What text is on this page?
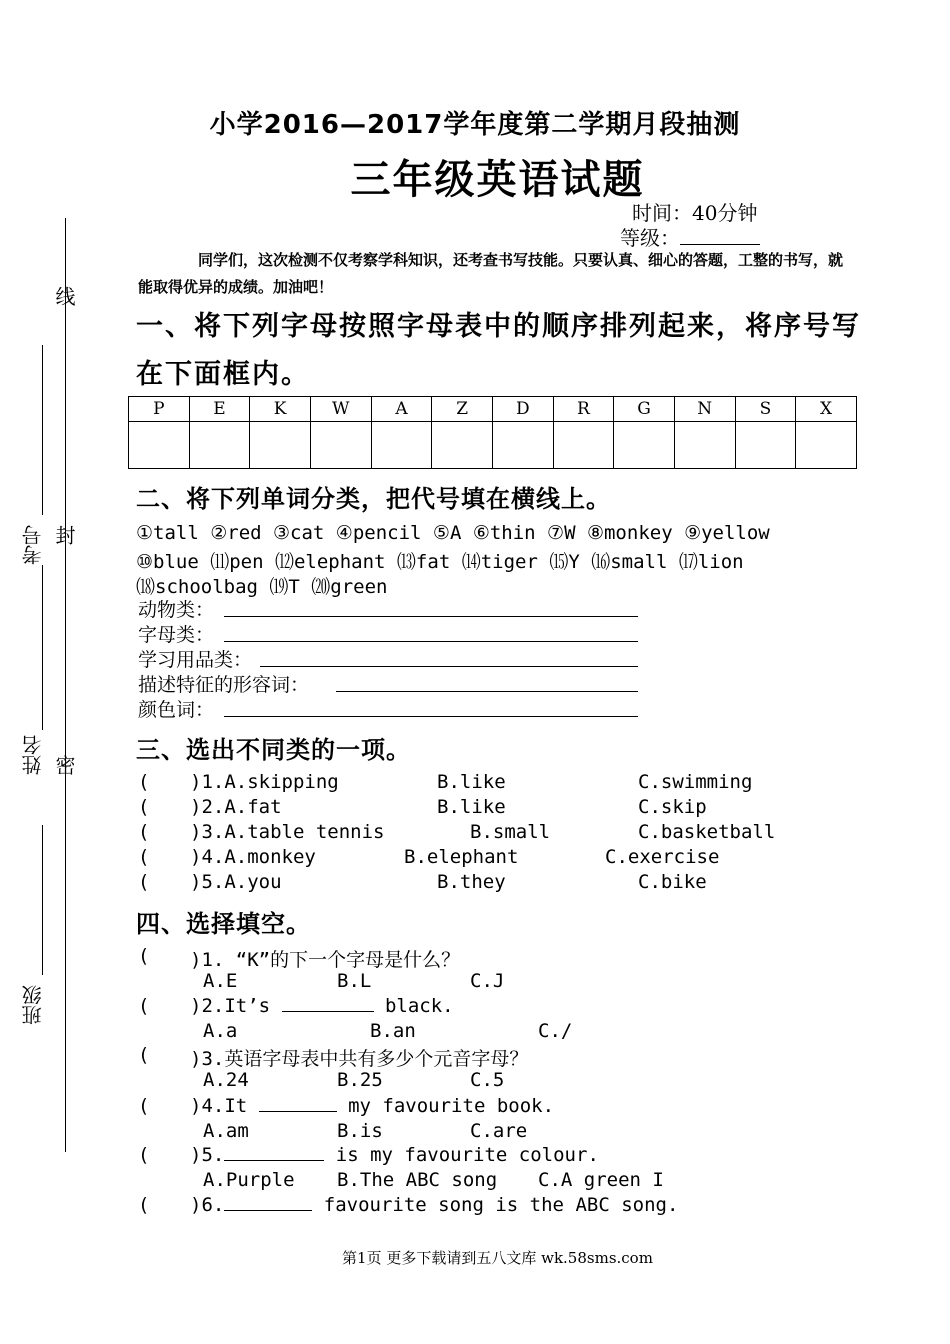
线
考号 封
姓名 密
班级
小学2016—2017学年度第二学期月段抽测
三年级英语试题
时间：40分钟
等级：
同学们，这次检测不仅考察学科知识，还考查书写技能。只要认真、细心的答题，工整的书写，就能取得优异的成绩。加油吧！
一、将下列字母按照字母表中的顺序排列起来，将序号写
在下面框内。
P	E	K	W	A	Z	D	R	G	N	S	X

二、将下列单词分类，把代号填在横线上。
①tall ②red ③cat ④pencil ⑤A ⑥thin ⑦W ⑧monkey ⑨yellow
⑩blue ⑾pen ⑿elephant ⒀fat ⒁tiger ⒂Y ⒃small ⒄lion
⒅schoolbag ⒆T ⒇green
动物类：
字母类：
学习用品类：
描述特征的形容词：
颜色词：
三、选出不同类的一项。
( )1.A.skipping	B.like	C.swimming
( )2.A.fat	B.like	C.skip
( )3.A.table tennis	B.small	C.basketball
( )4.A.monkey	B.elephant	C.exercise
( )5.A.you	B.they	C.bike
四、选择填空。
( )1. “K”的下一个字母是什么？
A.E	B.L	C.J
( )2.It’s	black.
A.a	B.an	C./
( )3.英语字母表中共有多少个元音字母？
A.24	B.25	C.5
( )4.It	my favourite book.
A.am	B.is	C.are
( )5.	is my favourite colour.
A.Purple B.The ABC song C.A green I
( )6.	favourite song is the ABC song.
第1页 更多下载请到五八文库 wk.58sms.com
